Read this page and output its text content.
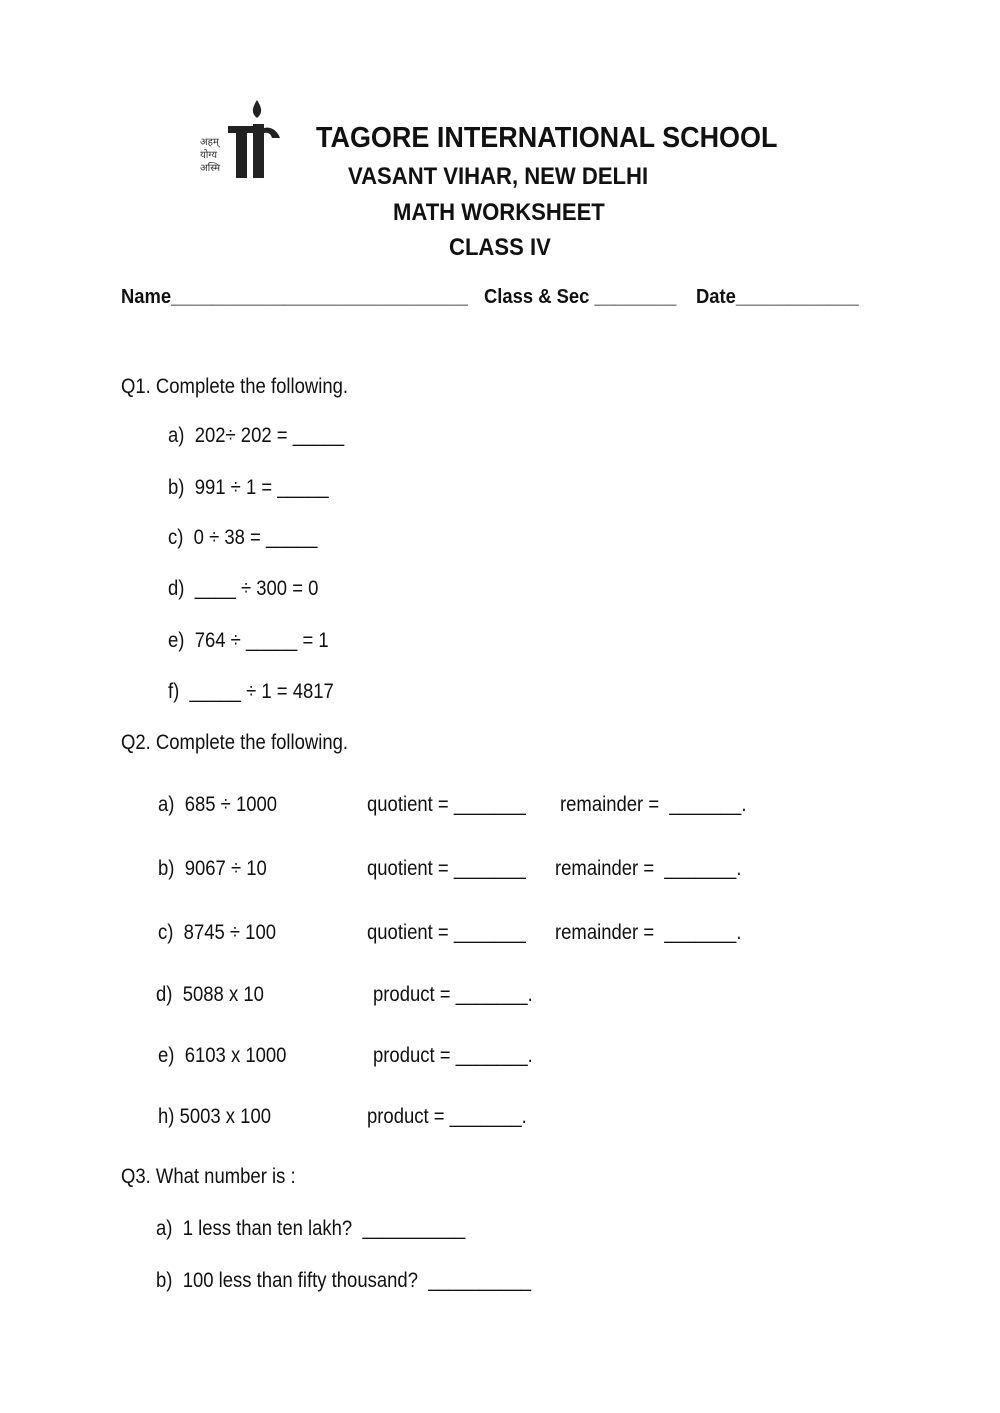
अहम्
योग्य
अस्मि
TAGORE INTERNATIONAL SCHOOL
VASANT VIHAR, NEW DELHI
MATH WORKSHEET
CLASS IV
Name_____________________________ Class & Sec ________ Date____________
Q1. Complete the following.
a)  202÷ 202 = _____
b)  991 ÷ 1 = _____
c)  0 ÷ 38 = _____
d)  ____ ÷ 300 = 0
e)  764 ÷ _____ = 1
f)  _____ ÷ 1 = 4817
Q2. Complete the following.
a)  685 ÷ 1000	quotient = _______ remainder =  _______.
b)  9067 ÷ 10	quotient = _______ remainder =  _______.
c)  8745 ÷ 100	quotient = _______ remainder =  _______.
d)  5088 x 10	product = _______.
e)  6103 x 1000	product = _______.
h) 5003 x 100	product = _______.
Q3. What number is :
a)  1 less than ten lakh?  __________
b)  100 less than fifty thousand?  __________
